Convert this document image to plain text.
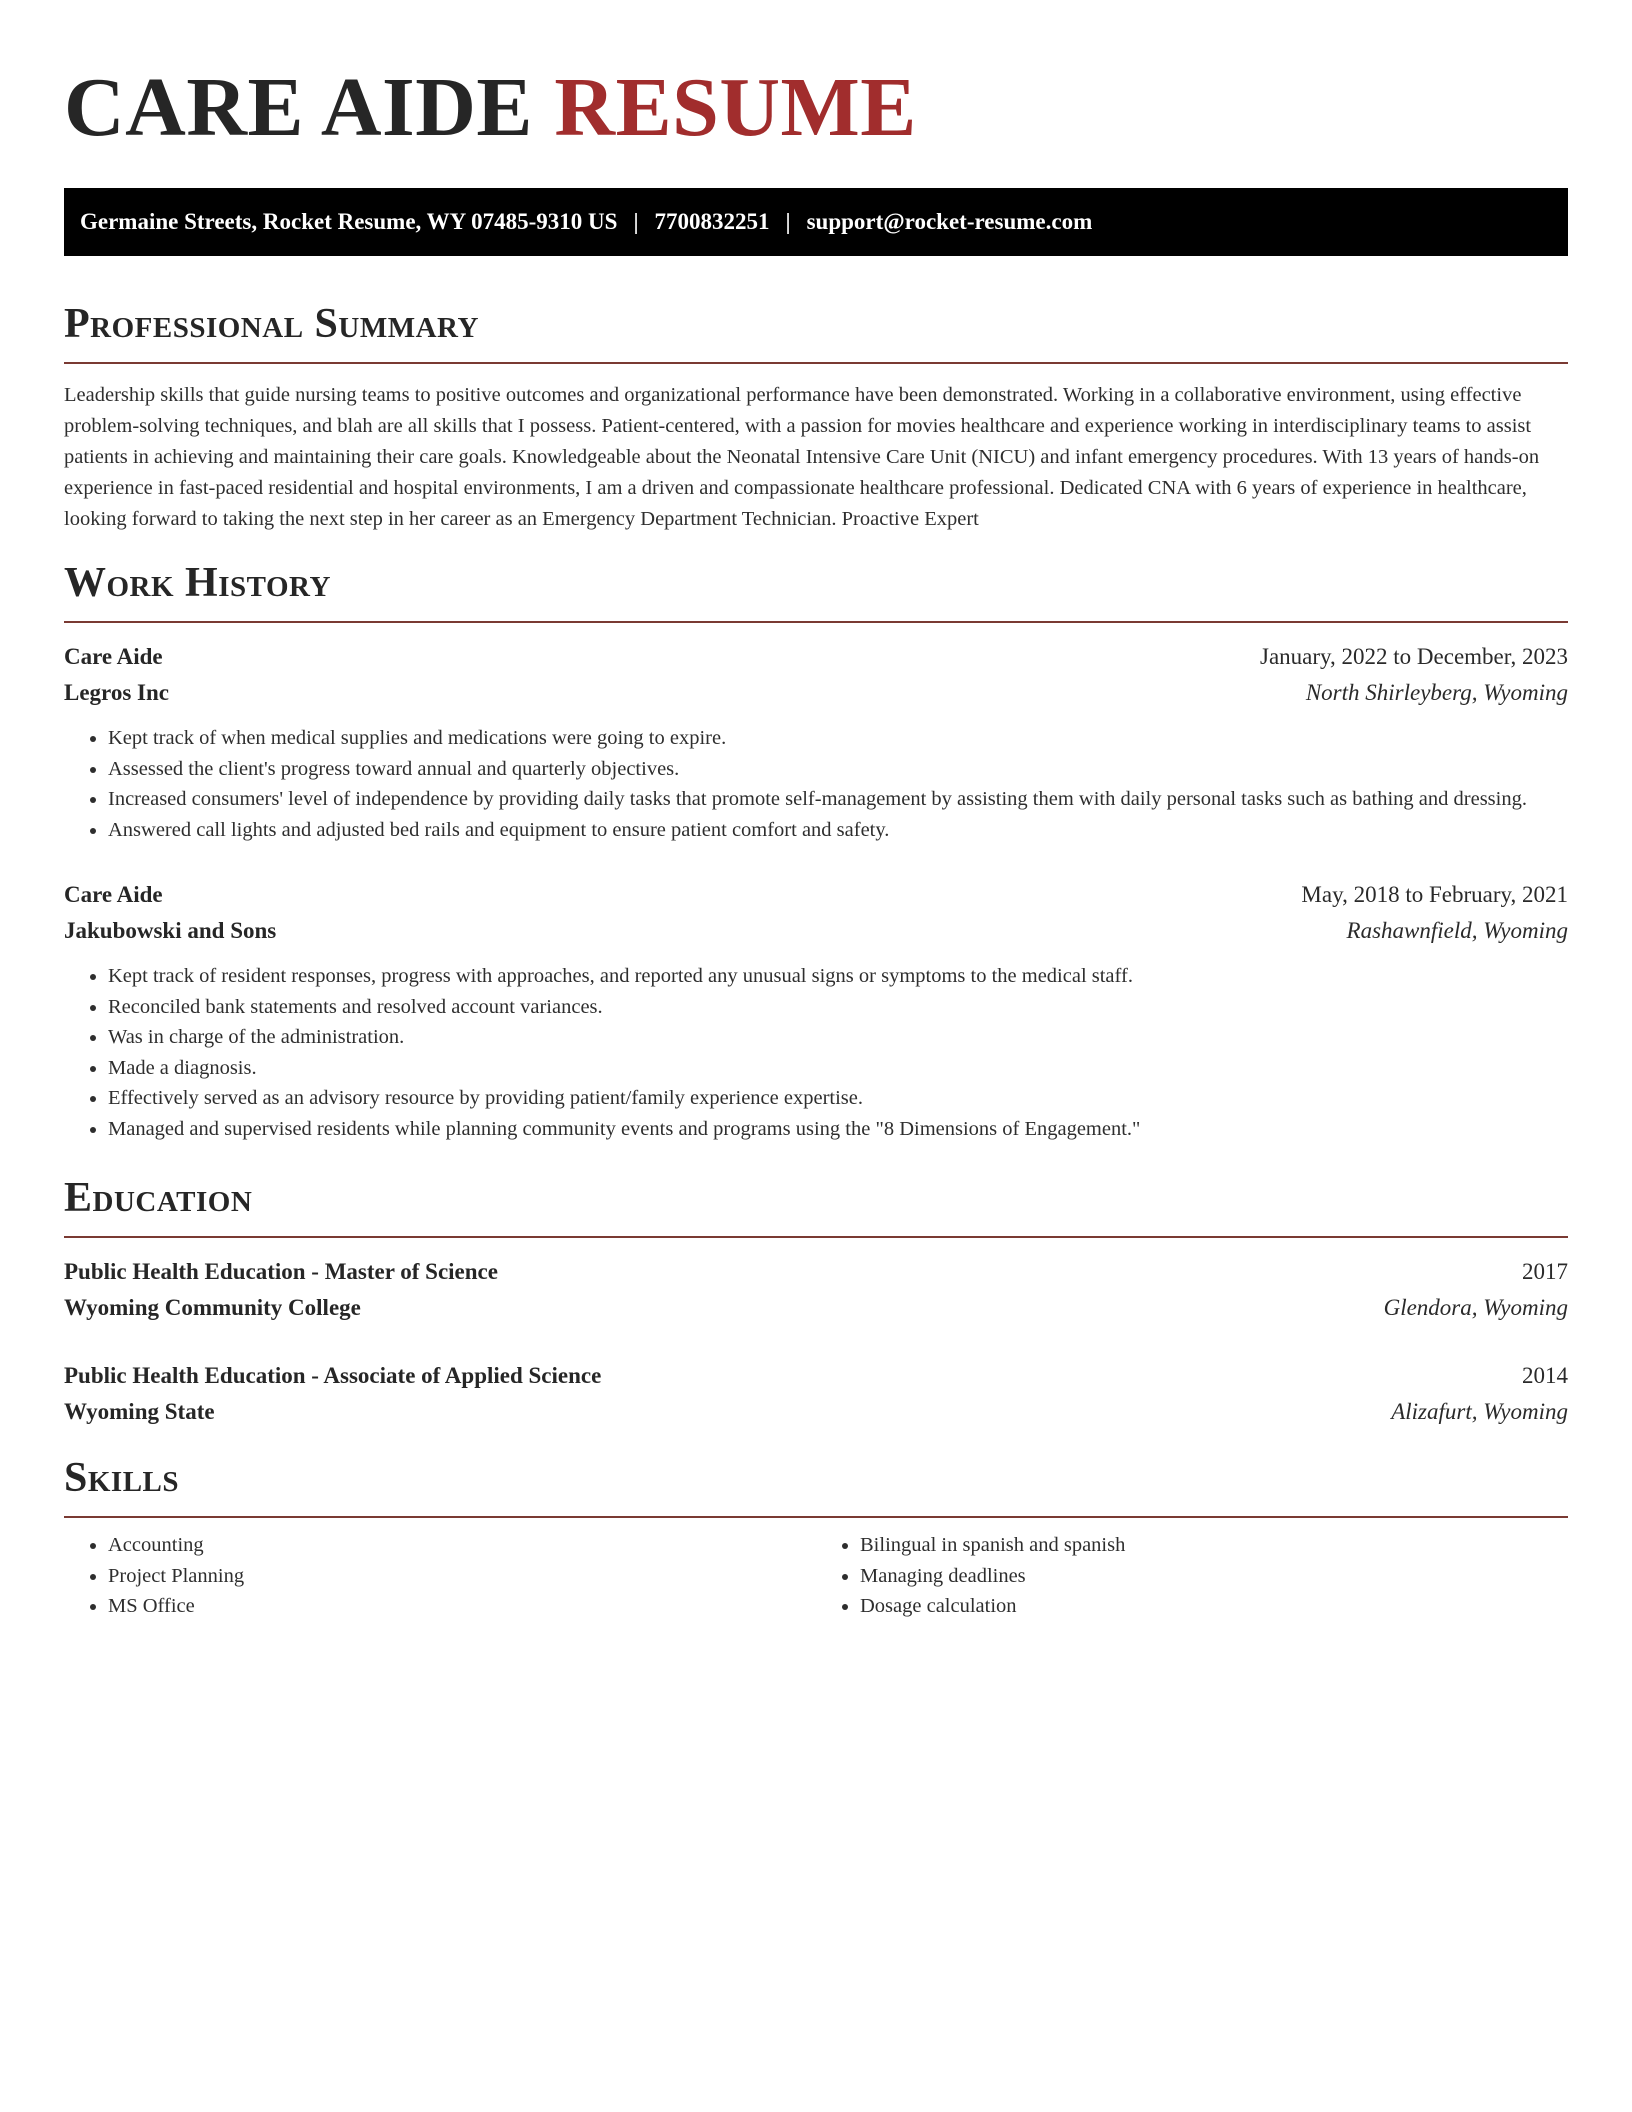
CARE AIDE RESUME
Germaine Streets, Rocket Resume, WY 07485-9310 US | 7700832251 | support@rocket-resume.com
Professional Summary

Leadership skills that guide nursing teams to positive outcomes and organizational performance have been demonstrated. Working in a collaborative environment, using effective problem-solving techniques, and blah are all skills that I possess. Patient-centered, with a passion for movies healthcare and experience working in interdisciplinary teams to assist patients in achieving and maintaining their care goals. Knowledgeable about the Neonatal Intensive Care Unit (NICU) and infant emergency procedures. With 13 years of hands-on experience in fast-paced residential and hospital environments, I am a driven and compassionate healthcare professional. Dedicated CNA with 6 years of experience in healthcare, looking forward to taking the next step in her career as an Emergency Department Technician. Proactive Expert

Work History
Care Aide	January, 2022 to December, 2023
Legros Inc	North Shirleyberg, Wyoming
• Kept track of when medical supplies and medications were going to expire.
• Assessed the client's progress toward annual and quarterly objectives.
• Increased consumers' level of independence by providing daily tasks that promote self-management by assisting them with daily personal tasks such as bathing and dressing.
• Answered call lights and adjusted bed rails and equipment to ensure patient comfort and safety.
Care Aide	May, 2018 to February, 2021
Jakubowski and Sons	Rashawnfield, Wyoming
• Kept track of resident responses, progress with approaches, and reported any unusual signs or symptoms to the medical staff.
• Reconciled bank statements and resolved account variances.
• Was in charge of the administration.
• Made a diagnosis.
• Effectively served as an advisory resource by providing patient/family experience expertise.
• Managed and supervised residents while planning community events and programs using the "8 Dimensions of Engagement."
Education
Public Health Education - Master of Science	2017
Wyoming Community College	Glendora, Wyoming
Public Health Education - Associate of Applied Science	2014
Wyoming State	Alizafurt, Wyoming
Skills
• Accounting
• Project Planning
• MS Office
• Bilingual in spanish and spanish
• Managing deadlines
• Dosage calculation
